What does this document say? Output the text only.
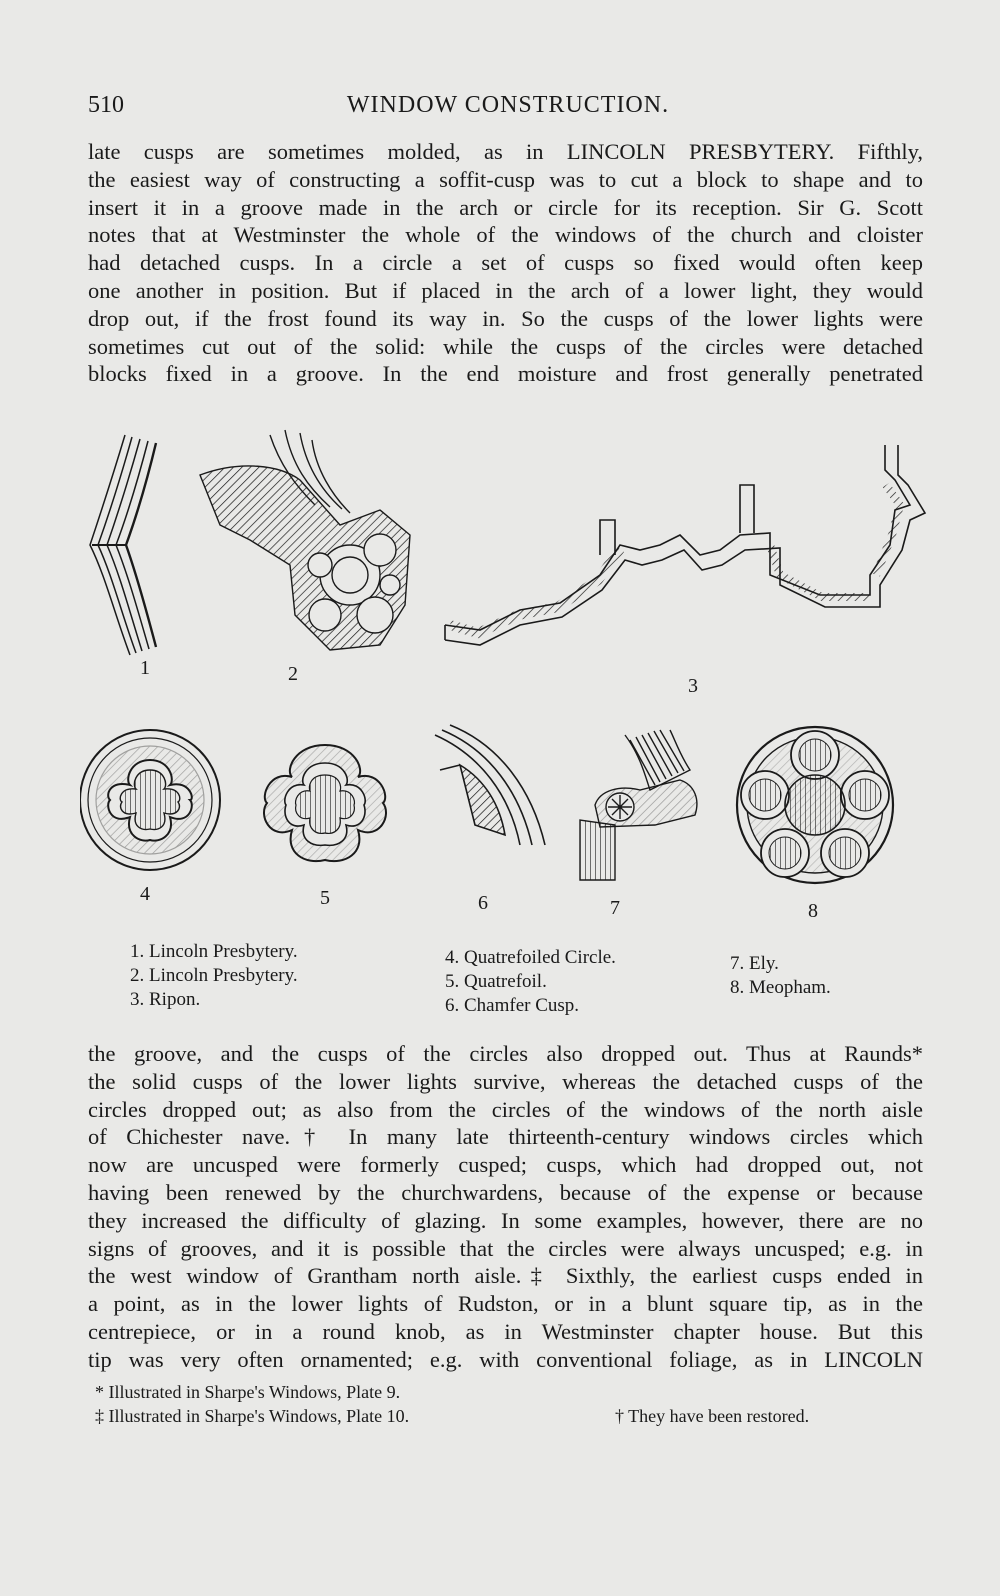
510	WINDOW CONSTRUCTION.
late cusps are sometimes molded, as in LINCOLN PRESBYTERY. Fifthly,
the easiest way of constructing a soffit-cusp was to cut a block to shape and to
insert it in a groove made in the arch or circle for its reception. Sir G. Scott
notes that at Westminster the whole of the windows of the church and cloister
had detached cusps. In a circle a set of cusps so fixed would often keep
one another in position. But if placed in the arch of a lower light, they would
drop out, if the frost found its way in. So the cusps of the lower lights were
sometimes cut out of the solid: while the cusps of the circles were detached
blocks fixed in a groove. In the end moisture and frost generally penetrated
1	2
3
4	5	6	7	8
1. Lincoln Presbytery.
2. Lincoln Presbytery.
3. Ripon.
4. Quatrefoiled Circle.
5. Quatrefoil.
6. Chamfer Cusp.
7. Ely.
8. Meopham.
the groove, and the cusps of the circles also dropped out. Thus at Raunds*
the solid cusps of the lower lights survive, whereas the detached cusps of the
circles dropped out; as also from the circles of the windows of the north aisle
of Chichester nave.† In many late thirteenth-century windows circles which
now are uncusped were formerly cusped; cusps, which had dropped out, not
having been renewed by the churchwardens, because of the expense or because
they increased the difficulty of glazing. In some examples, however, there are no
signs of grooves, and it is possible that the circles were always uncusped; e.g. in
the west window of Grantham north aisle.‡ Sixthly, the earliest cusps ended in
a point, as in the lower lights of Rudston, or in a blunt square tip, as in the
centrepiece, or in a round knob, as in Westminster chapter house. But this
tip was very often ornamented; e.g. with conventional foliage, as in LINCOLN
* Illustrated in Sharpe's Windows, Plate 9.
‡ Illustrated in Sharpe's Windows, Plate 10.	† They have been restored.
